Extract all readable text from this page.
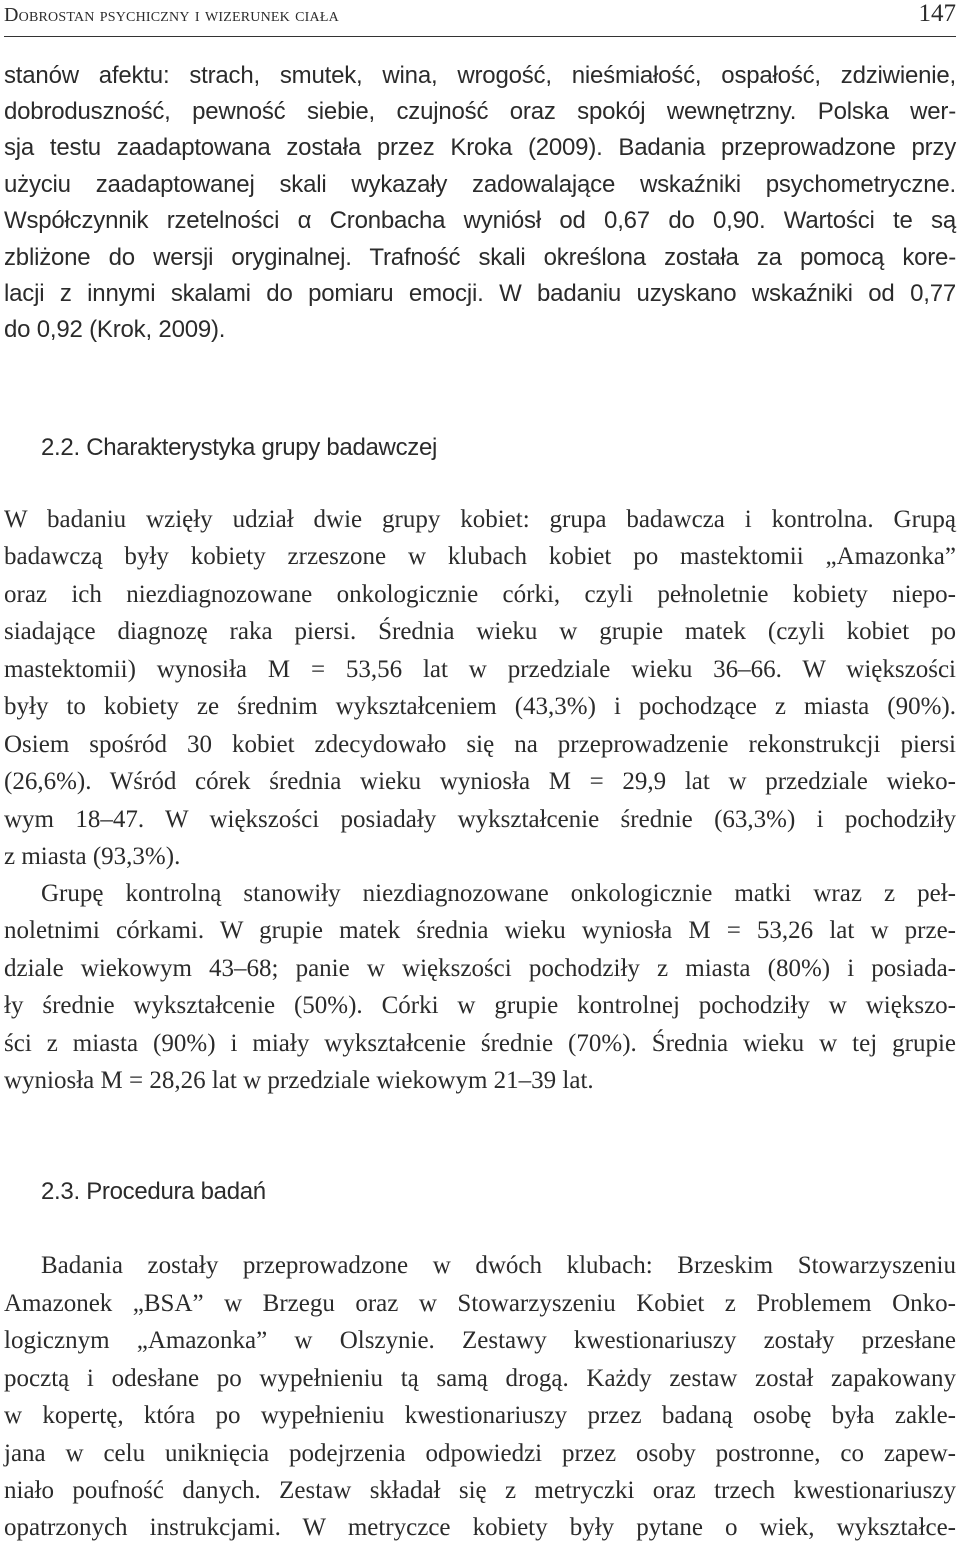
Dobrostan psychiczny i wizerunek ciała	147
stanów afektu: strach, smutek, wina, wrogość, nieśmiałość, ospałość, zdziwienie,
dobroduszność, pewność siebie, czujność oraz spokój wewnętrzny. Polska wer-
sja testu zaadaptowana została przez Kroka (2009). Badania przeprowadzone przy
użyciu zaadaptowanej skali wykazały zadowalające wskaźniki psychometryczne.
Współczynnik rzetelności α Cronbacha wyniósł od 0,67 do 0,90. Wartości te są
zbliżone do wersji oryginalnej. Trafność skali określona została za pomocą kore-
lacji z innymi skalami do pomiaru emocji. W badaniu uzyskano wskaźniki od 0,77
do 0,92 (Krok, 2009).
2.2. Charakterystyka grupy badawczej
W badaniu wzięły udział dwie grupy kobiet: grupa badawcza i kontrolna. Grupą
badawczą były kobiety zrzeszone w klubach kobiet po mastektomii „Amazonka”
oraz ich niezdiagnozowane onkologicznie córki, czyli pełnoletnie kobiety niepo-
siadające diagnozę raka piersi. Średnia wieku w grupie matek (czyli kobiet po
mastektomii) wynosiła M = 53,56 lat w przedziale wieku 36–66. W większości
były to kobiety ze średnim wykształceniem (43,3%) i pochodzące z miasta (90%).
Osiem spośród 30 kobiet zdecydowało się na przeprowadzenie rekonstrukcji piersi
(26,6%). Wśród córek średnia wieku wyniosła M = 29,9 lat w przedziale wieko-
wym 18–47. W większości posiadały wykształcenie średnie (63,3%) i pochodziły
z miasta (93,3%).
Grupę kontrolną stanowiły niezdiagnozowane onkologicznie matki wraz z peł-
noletnimi córkami. W grupie matek średnia wieku wyniosła M = 53,26 lat w prze-
dziale wiekowym 43–68; panie w większości pochodziły z miasta (80%) i posiada-
ły średnie wykształcenie (50%). Córki w grupie kontrolnej pochodziły w większo-
ści z miasta (90%) i miały wykształcenie średnie (70%). Średnia wieku w tej grupie
wyniosła M = 28,26 lat w przedziale wiekowym 21–39 lat.
2.3. Procedura badań
Badania zostały przeprowadzone w dwóch klubach: Brzeskim Stowarzyszeniu
Amazonek „BSA” w Brzegu oraz w Stowarzyszeniu Kobiet z Problemem Onko-
logicznym „Amazonka” w Olszynie. Zestawy kwestionariuszy zostały przesłane
pocztą i odesłane po wypełnieniu tą samą drogą. Każdy zestaw został zapakowany
w kopertę, która po wypełnieniu kwestionariuszy przez badaną osobę była zakle-
jana w celu uniknięcia podejrzenia odpowiedzi przez osoby postronne, co zapew-
niało poufność danych. Zestaw składał się z metryczki oraz trzech kwestionariuszy
opatrzonych instrukcjami. W metryczce kobiety były pytane o wiek, wykształce-
